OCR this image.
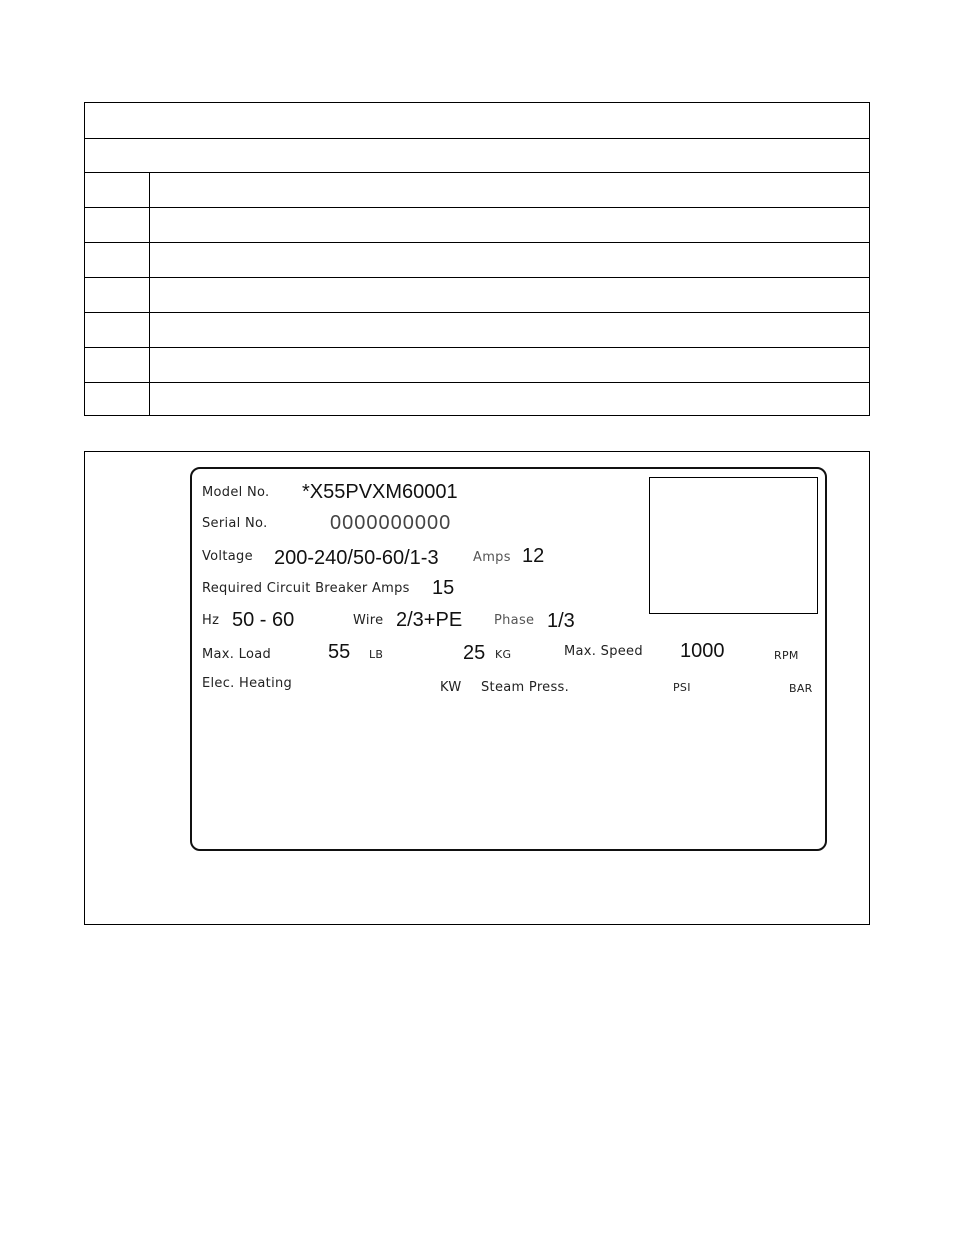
Model No. *X55PVXM60001
Serial No.	0000000000
Voltage 200-240/50-60/1-3	Amps 12
Required Circuit Breaker Amps 15
Hz 50 - 60	Wire 2/3+PE Phase 1/3
Max. Load	55 LB	25 KG	Max. Speed 1000	RPM
Elec. Heating	KW Steam Press.	PSI	BAR
